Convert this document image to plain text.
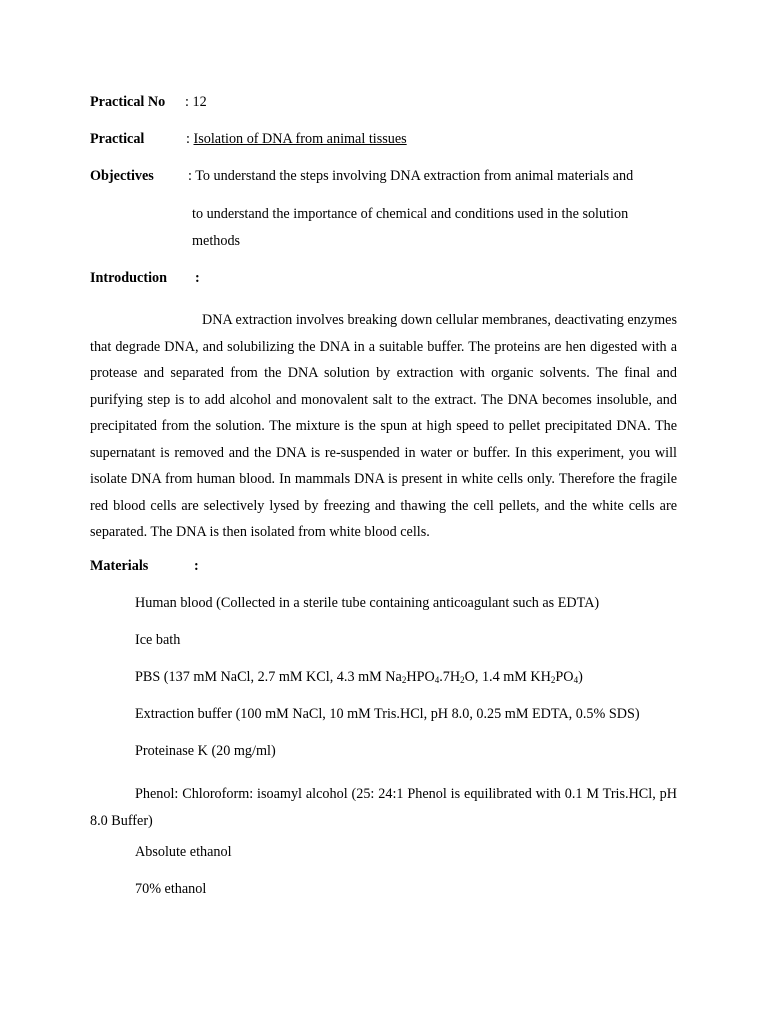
Practical No : 12
Practical	: Isolation of DNA from animal tissues
Objectives : To understand the steps involving DNA extraction from animal materials and
to understand the importance of chemical and conditions used in the solution
methods
Introduction :
DNA extraction involves breaking down cellular membranes, deactivating enzymes that degrade DNA, and solubilizing the DNA in a suitable buffer. The proteins are hen digested with a protease and separated from the DNA solution by extraction with organic solvents. The final and purifying step is to add alcohol and monovalent salt to the extract. The DNA becomes insoluble, and precipitated from the solution. The mixture is the spun at high speed to pellet precipitated DNA. The supernatant is removed and the DNA is re-suspended in water or buffer. In this experiment, you will isolate DNA from human blood. In mammals DNA is present in white cells only. Therefore the fragile red blood cells are selectively lysed by freezing and thawing the cell pellets, and the white cells are separated. The DNA is then isolated from white blood cells.
Materials	:
Human blood (Collected in a sterile tube containing anticoagulant such as EDTA)
Ice bath
PBS (137 mM NaCl, 2.7 mM KCl, 4.3 mM $Na_2HPO_4.7H_2O$, 1.4 mM $KH_2PO_4$)
Extraction buffer (100 mM NaCl, 10 mM Tris.HCl, pH 8.0, 0.25 mM EDTA, 0.5% SDS)
Proteinase K (20 mg/ml)
Phenol: Chloroform: isoamyl alcohol (25: 24:1 Phenol is equilibrated with 0.1 M Tris.HCl, pH 8.0 Buffer)
Absolute ethanol
70% ethanol
